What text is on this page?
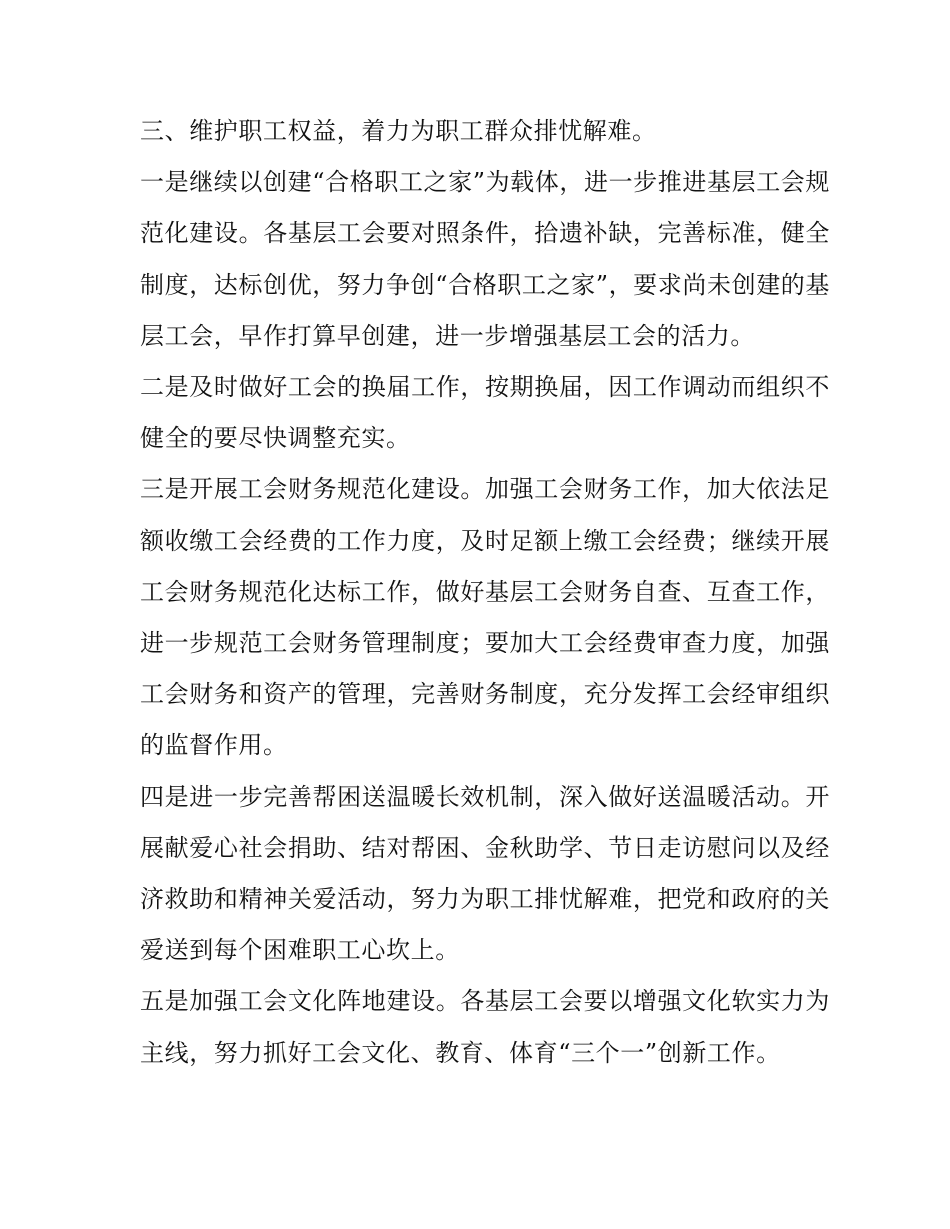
三、维护职工权益，着力为职工群众排忧解难。

一是继续以创建“合格职工之家”为载体，进一步推进基层工会规范化建设。各基层工会要对照条件，拾遗补缺，完善标准，健全制度，达标创优，努力争创“合格职工之家”，要求尚未创建的基层工会，早作打算早创建，进一步增强基层工会的活力。

二是及时做好工会的换届工作，按期换届，因工作调动而组织不健全的要尽快调整充实。

三是开展工会财务规范化建设。加强工会财务工作，加大依法足额收缴工会经费的工作力度，及时足额上缴工会经费；继续开展工会财务规范化达标工作，做好基层工会财务自查、互查工作，进一步规范工会财务管理制度；要加大工会经费审查力度，加强工会财务和资产的管理，完善财务制度，充分发挥工会经审组织的监督作用。

四是进一步完善帮困送温暖长效机制，深入做好送温暖活动。开展献爱心社会捐助、结对帮困、金秋助学、节日走访慰问以及经济救助和精神关爱活动，努力为职工排忧解难，把党和政府的关爱送到每个困难职工心坎上。

五是加强工会文化阵地建设。各基层工会要以增强文化软实力为主线，努力抓好工会文化、教育、体育“三个一”创新工作。
